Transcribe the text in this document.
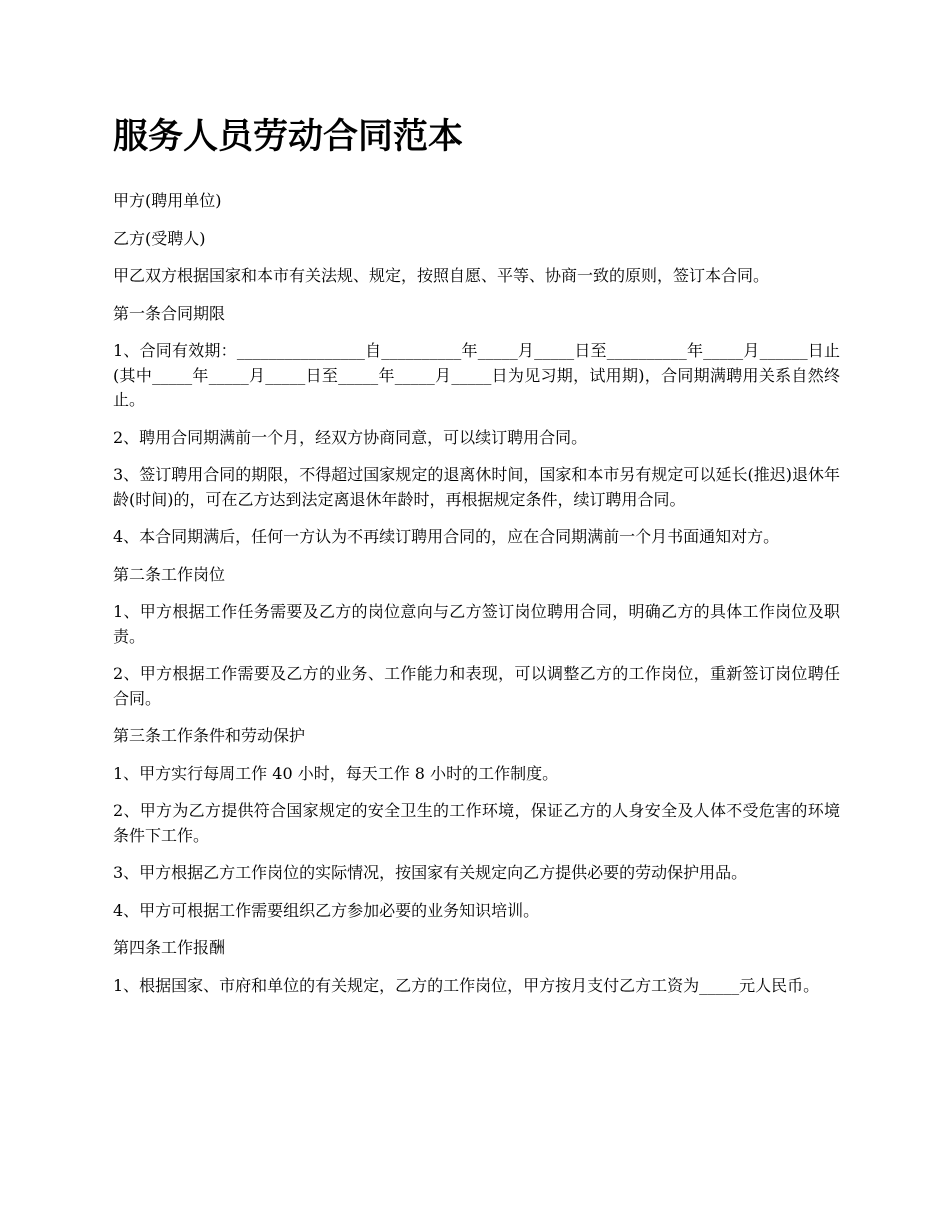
服务人员劳动合同范本

甲方(聘用单位)

乙方(受聘人)

甲乙双方根据国家和本市有关法规、规定，按照自愿、平等、协商一致的原则，签订本合同。

第一条合同期限

1、合同有效期：________________自__________年_____月_____日至__________年_____月______日止(其中_____年_____月_____日至_____年_____月_____日为见习期，试用期)，合同期满聘用关系自然终止。

2、聘用合同期满前一个月，经双方协商同意，可以续订聘用合同。

3、签订聘用合同的期限，不得超过国家规定的退离休时间，国家和本市另有规定可以延长(推迟)退休年龄(时间)的，可在乙方达到法定离退休年龄时，再根据规定条件，续订聘用合同。

4、本合同期满后，任何一方认为不再续订聘用合同的，应在合同期满前一个月书面通知对方。

第二条工作岗位

1、甲方根据工作任务需要及乙方的岗位意向与乙方签订岗位聘用合同，明确乙方的具体工作岗位及职责。

2、甲方根据工作需要及乙方的业务、工作能力和表现，可以调整乙方的工作岗位，重新签订岗位聘任合同。

第三条工作条件和劳动保护

1、甲方实行每周工作 40 小时，每天工作 8 小时的工作制度。

2、甲方为乙方提供符合国家规定的安全卫生的工作环境，保证乙方的人身安全及人体不受危害的环境条件下工作。

3、甲方根据乙方工作岗位的实际情况，按国家有关规定向乙方提供必要的劳动保护用品。

4、甲方可根据工作需要组织乙方参加必要的业务知识培训。

第四条工作报酬

1、根据国家、市府和单位的有关规定，乙方的工作岗位，甲方按月支付乙方工资为_____元人民币。
